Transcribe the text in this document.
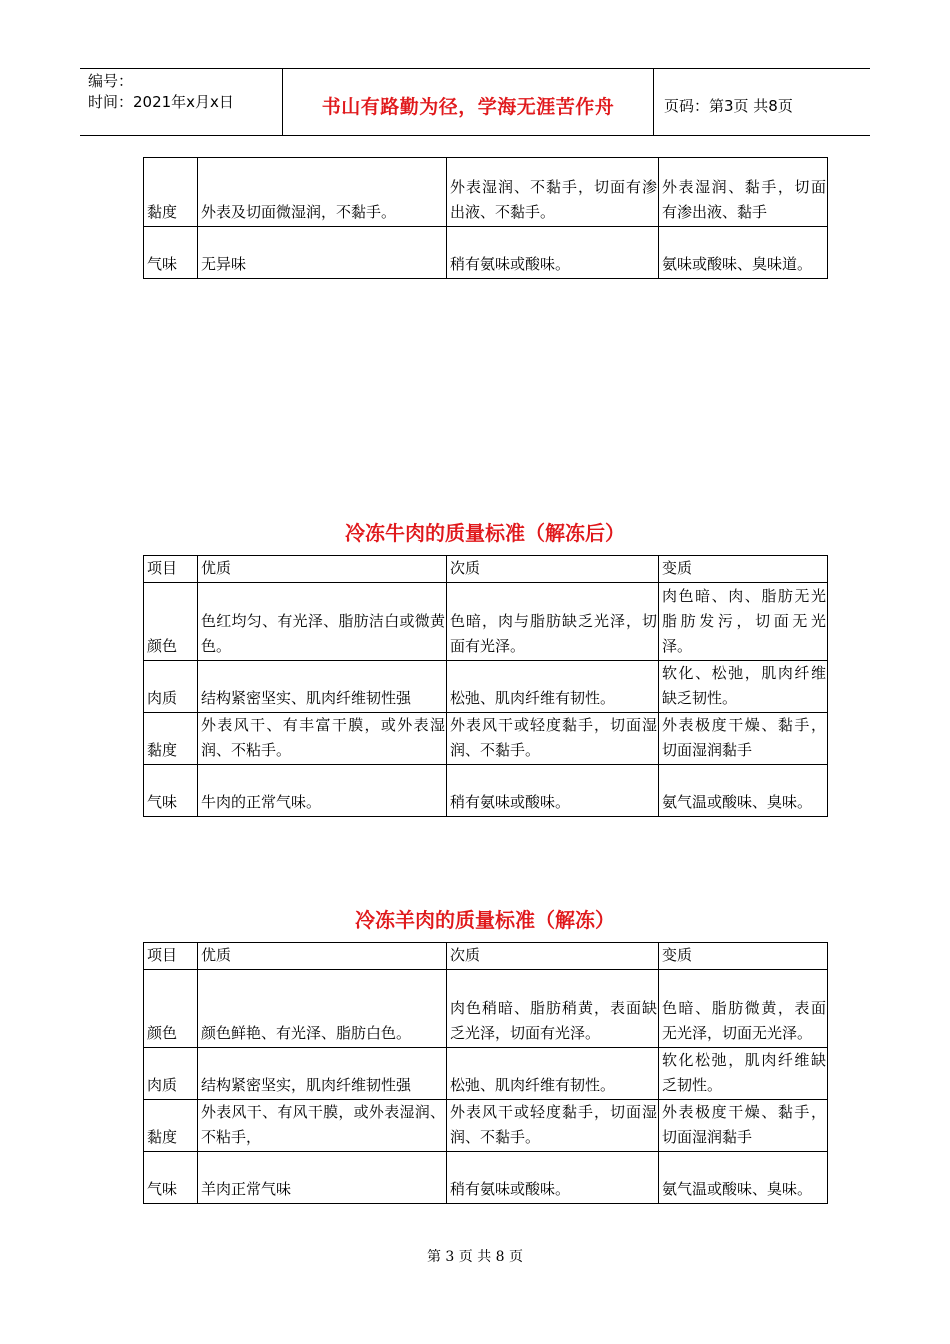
编号：
时间：2021年x月x日	书山有路勤为径，学海无涯苦作舟	页码：第3页 共8页
黏度	外表及切面微湿润，不黏手。	外表湿润、不黏手，切面有渗出液、不黏手。	外表湿润、黏手，切面有渗出液、黏手
气味	无异味	稍有氨味或酸味。	氨味或酸味、臭味道。
冷冻牛肉的质量标准（解冻后）
项目	优质	次质	变质
颜色	色红均匀、有光泽、脂肪洁白或微黄色。	色暗，肉与脂肪缺乏光泽，切面有光泽。	肉色暗、肉、脂肪无光脂肪发污，切面无光泽。
肉质	结构紧密坚实、肌肉纤维韧性强	松弛、肌肉纤维有韧性。	软化、松弛，肌肉纤维缺乏韧性。
黏度	外表风干、有丰富干膜，或外表湿润、不粘手。	外表风干或轻度黏手，切面湿润、不黏手。	外表极度干燥、黏手，切面湿润黏手
气味	牛肉的正常气味。	稍有氨味或酸味。	氨气温或酸味、臭味。
冷冻羊肉的质量标准（解冻）
项目	优质	次质	变质
颜色	颜色鲜艳、有光泽、脂肪白色。	肉色稍暗、脂肪稍黄，表面缺乏光泽，切面有光泽。	色暗、脂肪微黄，表面无光泽，切面无光泽。
肉质	结构紧密坚实，肌肉纤维韧性强	松弛、肌肉纤维有韧性。	软化松弛，肌肉纤维缺乏韧性。
黏度	外表风干、有风干膜，或外表湿润、不粘手，	外表风干或轻度黏手，切面湿润、不黏手。	外表极度干燥、黏手，切面湿润黏手
气味	羊肉正常气味	稍有氨味或酸味。	氨气温或酸味、臭味。
第 3 页 共 8 页
